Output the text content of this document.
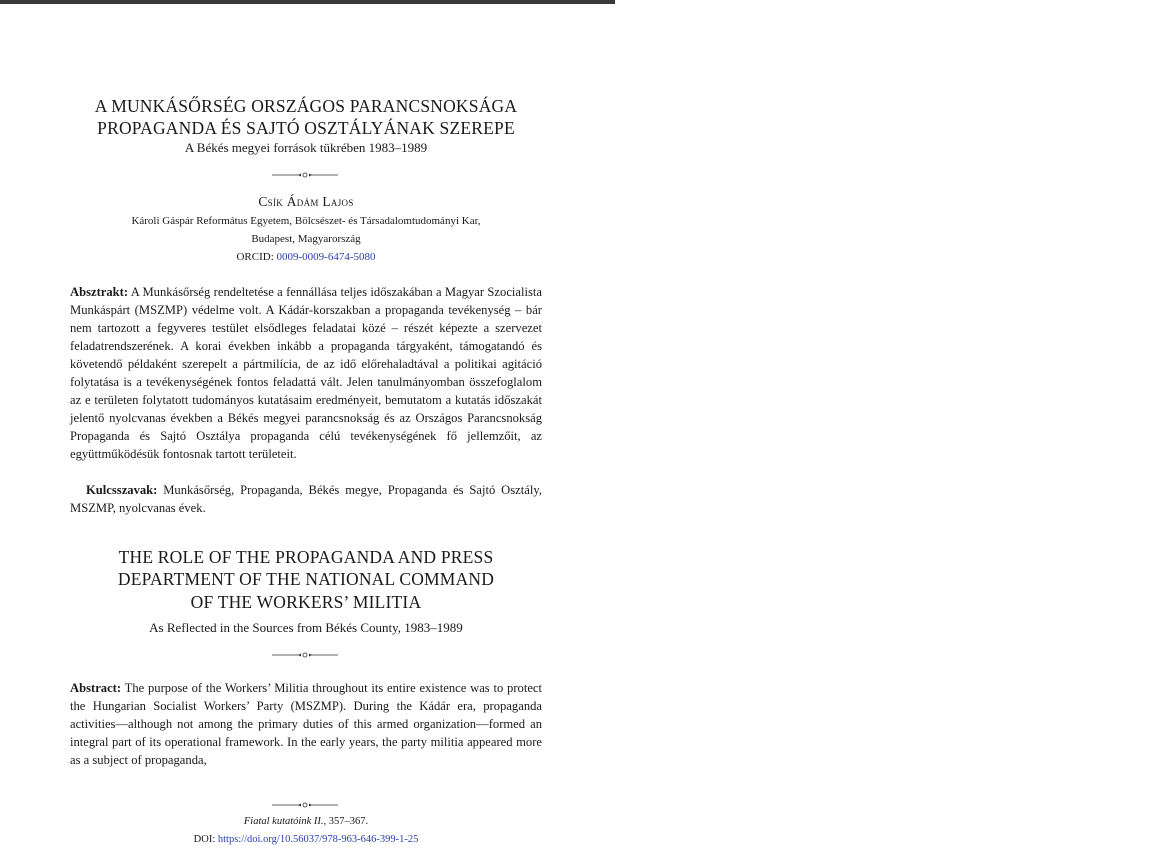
A MUNKÁSŐRSÉG ORSZÁGOS PARANCSNOKSÁGA
PROPAGANDA ÉS SAJTÓ OSZTÁLYÁNAK SZEREPE
A Békés megyei források tükrében 1983–1989
Csík Ádám Lajos
Károli Gáspár Református Egyetem, Bölcsészet- és Társadalomtudományi Kar,
Budapest, Magyarország
ORCID: 0009-0009-6474-5080

Absztrakt: A Munkásőrség rendeltetése a fennállása teljes időszakában a Magyar Szocialista Munkáspárt (MSZMP) védelme volt. A Kádár-korszakban a propaganda tevékenység – bár nem tartozott a fegyveres testület elsődleges feladatai közé – részét képezte a szervezet feladatrendszerének. A korai években inkább a propaganda tárgyaként, támogatandó és követendő példaként szerepelt a pártmilícia, de az idő előrehaladtával a politikai agitáció folytatása is a tevékenységének fontos feladattá vált. Jelen tanulmányomban összefoglalom az e területen folytatott tudományos kutatásaim eredményeit, bemutatom a kutatás időszakát jelentő nyolcvanas években a Békés megyei parancsnokság és az Országos Parancsnokság Propaganda és Sajtó Osztálya propaganda célú tevékenységének fő jellemzőit, az együttműködésük fontosnak tartott területeit.

Kulcsszavak: Munkásőrség, Propaganda, Békés megye, Propaganda és Sajtó Osztály, MSZMP, nyolcvanas évek.

THE ROLE OF THE PROPAGANDA AND PRESS
DEPARTMENT OF THE NATIONAL COMMAND
OF THE WORKERS’ MILITIA
As Reflected in the Sources from Békés County, 1983–1989

Abstract: The purpose of the Workers’ Militia throughout its entire existence was to protect the Hungarian Socialist Workers’ Party (MSZMP). During the Kádár era, propaganda activities—although not among the primary duties of this armed organization—formed an integral part of its operational framework. In the early years, the party militia appeared more as a subject of propaganda,

Fiatal kutatóink II., 357–367.
DOI: https://doi.org/10.56037/978-963-646-399-1-25
